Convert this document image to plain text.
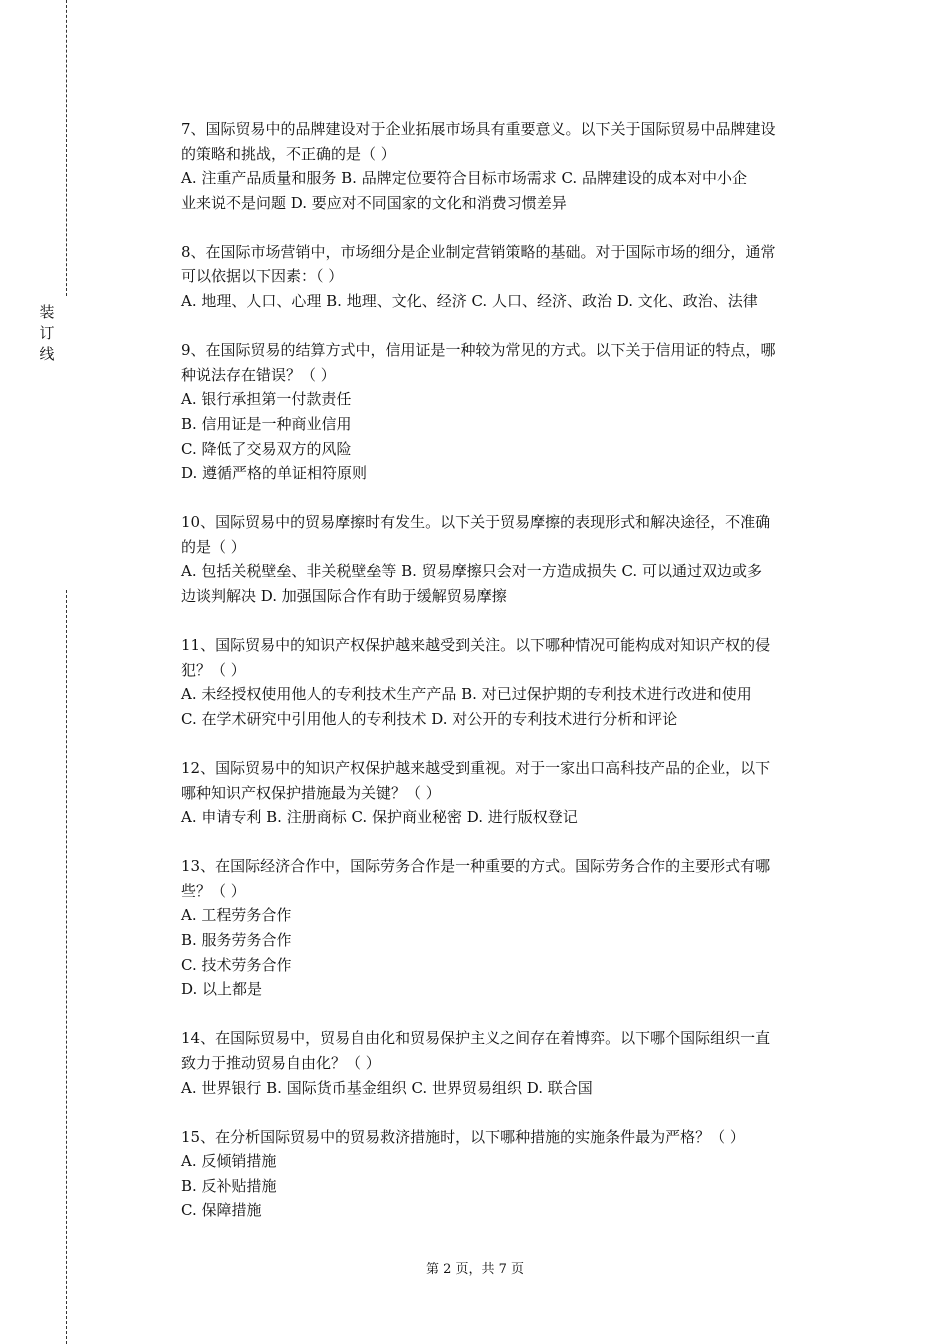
装
订
线
7、国际贸易中的品牌建设对于企业拓展市场具有重要意义。以下关于国际贸易中品牌建设
的策略和挑战，不正确的是（ ）
A. 注重产品质量和服务 B. 品牌定位要符合目标市场需求 C. 品牌建设的成本对中小企
业来说不是问题 D. 要应对不同国家的文化和消费习惯差异
8、在国际市场营销中，市场细分是企业制定营销策略的基础。对于国际市场的细分，通常
可以依据以下因素：（ ）
A. 地理、人口、心理 B. 地理、文化、经济 C. 人口、经济、政治 D. 文化、政治、法律
9、在国际贸易的结算方式中，信用证是一种较为常见的方式。以下关于信用证的特点，哪
种说法存在错误？（ ）
A. 银行承担第一付款责任
B. 信用证是一种商业信用
C. 降低了交易双方的风险
D. 遵循严格的单证相符原则
10、国际贸易中的贸易摩擦时有发生。以下关于贸易摩擦的表现形式和解决途径，不准确
的是（ ）
A. 包括关税壁垒、非关税壁垒等 B. 贸易摩擦只会对一方造成损失 C. 可以通过双边或多
边谈判解决 D. 加强国际合作有助于缓解贸易摩擦
11、国际贸易中的知识产权保护越来越受到关注。以下哪种情况可能构成对知识产权的侵
犯？（ ）
A. 未经授权使用他人的专利技术生产产品 B. 对已过保护期的专利技术进行改进和使用
C. 在学术研究中引用他人的专利技术 D. 对公开的专利技术进行分析和评论
12、国际贸易中的知识产权保护越来越受到重视。对于一家出口高科技产品的企业，以下
哪种知识产权保护措施最为关键？（ ）
A. 申请专利 B. 注册商标 C. 保护商业秘密 D. 进行版权登记
13、在国际经济合作中，国际劳务合作是一种重要的方式。国际劳务合作的主要形式有哪
些？（ ）
A. 工程劳务合作
B. 服务劳务合作
C. 技术劳务合作
D. 以上都是
14、在国际贸易中，贸易自由化和贸易保护主义之间存在着博弈。以下哪个国际组织一直
致力于推动贸易自由化？（ ）
A. 世界银行 B. 国际货币基金组织 C. 世界贸易组织 D. 联合国
15、在分析国际贸易中的贸易救济措施时，以下哪种措施的实施条件最为严格？（ ）
A. 反倾销措施
B. 反补贴措施
C. 保障措施
第 2 页，共 7 页
